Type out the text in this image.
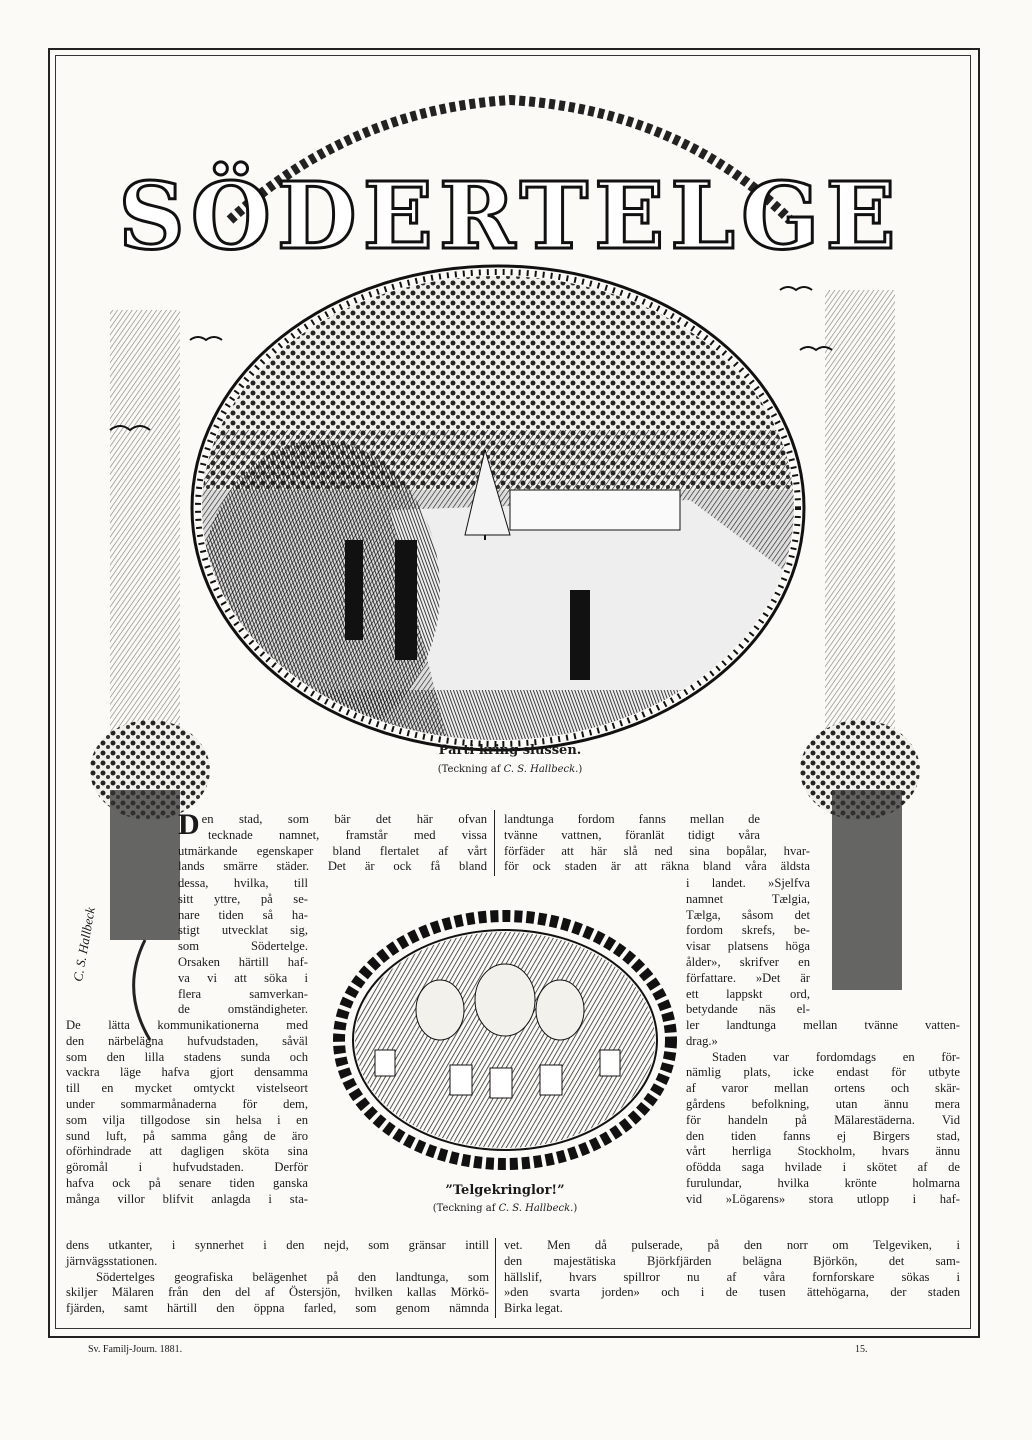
SÖDERTELGE
C. S. Hallbeck
Parti kring slussen.
(Teckning af C. S. Hallbeck.)
D en stad, som bär det här ofvan
tecknade namnet, framstår med vissa
utmärkande egenskaper bland flertalet af vårt
lands smärre städer. Det är ock få bland
landtunga fordom fanns mellan de
tvänne vattnen, föranlät tidigt våra
förfäder att här slå ned sina bopålar, hvar-
för ock staden är att räkna bland våra äldsta
dessa, hvilka, till
sitt yttre, på se-
nare tiden så ha-
stigt utvecklat sig,
som Södertelge.
Orsaken härtill haf-
va vi att söka i
flera samverkan-
de omständigheter.
De lätta kommunikationerna med
den närbelägna hufvudstaden, såväl
som den lilla stadens sunda och
vackra läge hafva gjort densamma
till en mycket omtyckt vistelseort
under sommarmånaderna för dem,
som vilja tillgodose sin helsa i en
sund luft, på samma gång de äro
oförhindrade att dagligen sköta sina
göromål i hufvudstaden. Derför
hafva ock på senare tiden ganska
många villor blifvit anlagda i sta-
”Telgekringlor!”
(Teckning af C. S. Hallbeck.)
i landet. »Sjelfva
namnet Tælgia,
Tælga, såsom det
fordom skrefs, be-
visar platsens höga
ålder», skrifver en
författare. »Det är
ett lappskt ord,
betydande näs el-
ler landtunga mellan tvänne vatten-
drag.»
Staden var fordomdags en för-
nämlig plats, icke endast för utbyte
af varor mellan ortens och skär-
gårdens befolkning, utan ännu mera
för handeln på Mälarestäderna. Vid
den tiden fanns ej Birgers stad,
vårt herrliga Stockholm, hvars ännu
ofödda saga hvilade i skötet af de
furulundar, hvilka krönte holmarna
vid »Lögarens» stora utlopp i haf-
dens utkanter, i synnerhet i den nejd, som gränsar intill
järnvägsstationen.
Södertelges geografiska belägenhet på den landtunga, som
skiljer Mälaren från den del af Östersjön, hvilken kallas Mörkö-
fjärden, samt härtill den öppna farled, som genom nämnda
vet. Men då pulserade, på den norr om Telgeviken, i
den majestätiska Björkfjärden belägna Björkön, det sam-
hällslif, hvars spillror nu af våra fornforskare sökas i
»den svarta jorden» och i de tusen ättehögarna, der staden
Birka legat.
Sv. Familj-Journ. 1881.	15.
